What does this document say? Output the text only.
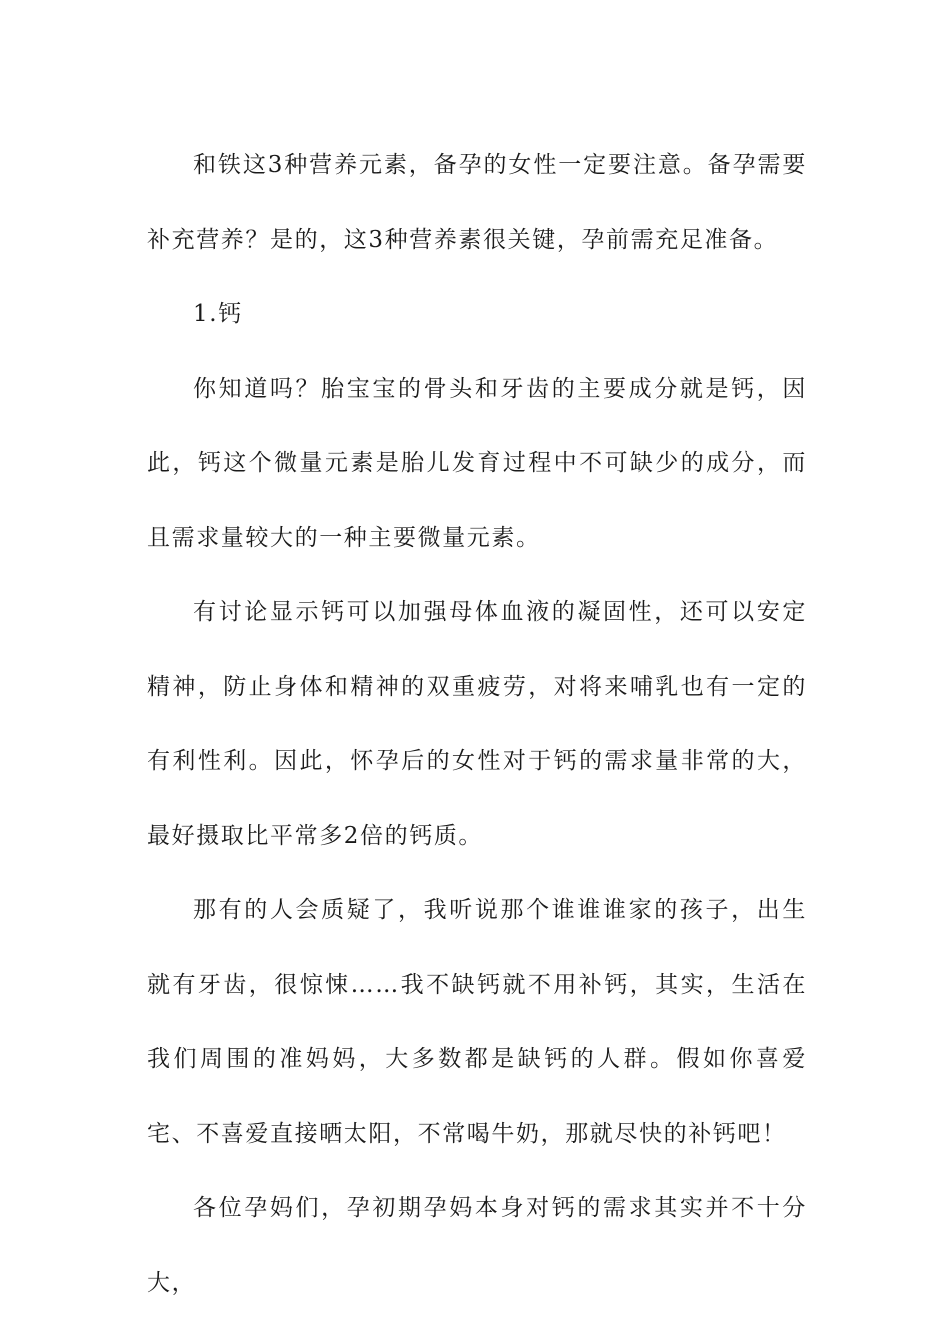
和铁这3种营养元素，备孕的女性一定要注意。备孕需要补充营养？是的，这3种营养素很关键，孕前需充足准备。

1.钙

你知道吗？胎宝宝的骨头和牙齿的主要成分就是钙，因此，钙这个微量元素是胎儿发育过程中不可缺少的成分，而且需求量较大的一种主要微量元素。

有讨论显示钙可以加强母体血液的凝固性，还可以安定精神，防止身体和精神的双重疲劳，对将来哺乳也有一定的有利性利。因此，怀孕后的女性对于钙的需求量非常的大，最好摄取比平常多2倍的钙质。

那有的人会质疑了，我听说那个谁谁谁家的孩子，出生就有牙齿，很惊悚……我不缺钙就不用补钙，其实，生活在我们周围的准妈妈，大多数都是缺钙的人群。假如你喜爱宅、不喜爱直接晒太阳，不常喝牛奶，那就尽快的补钙吧！

各位孕妈们，孕初期孕妈本身对钙的需求其实并不十分大，
